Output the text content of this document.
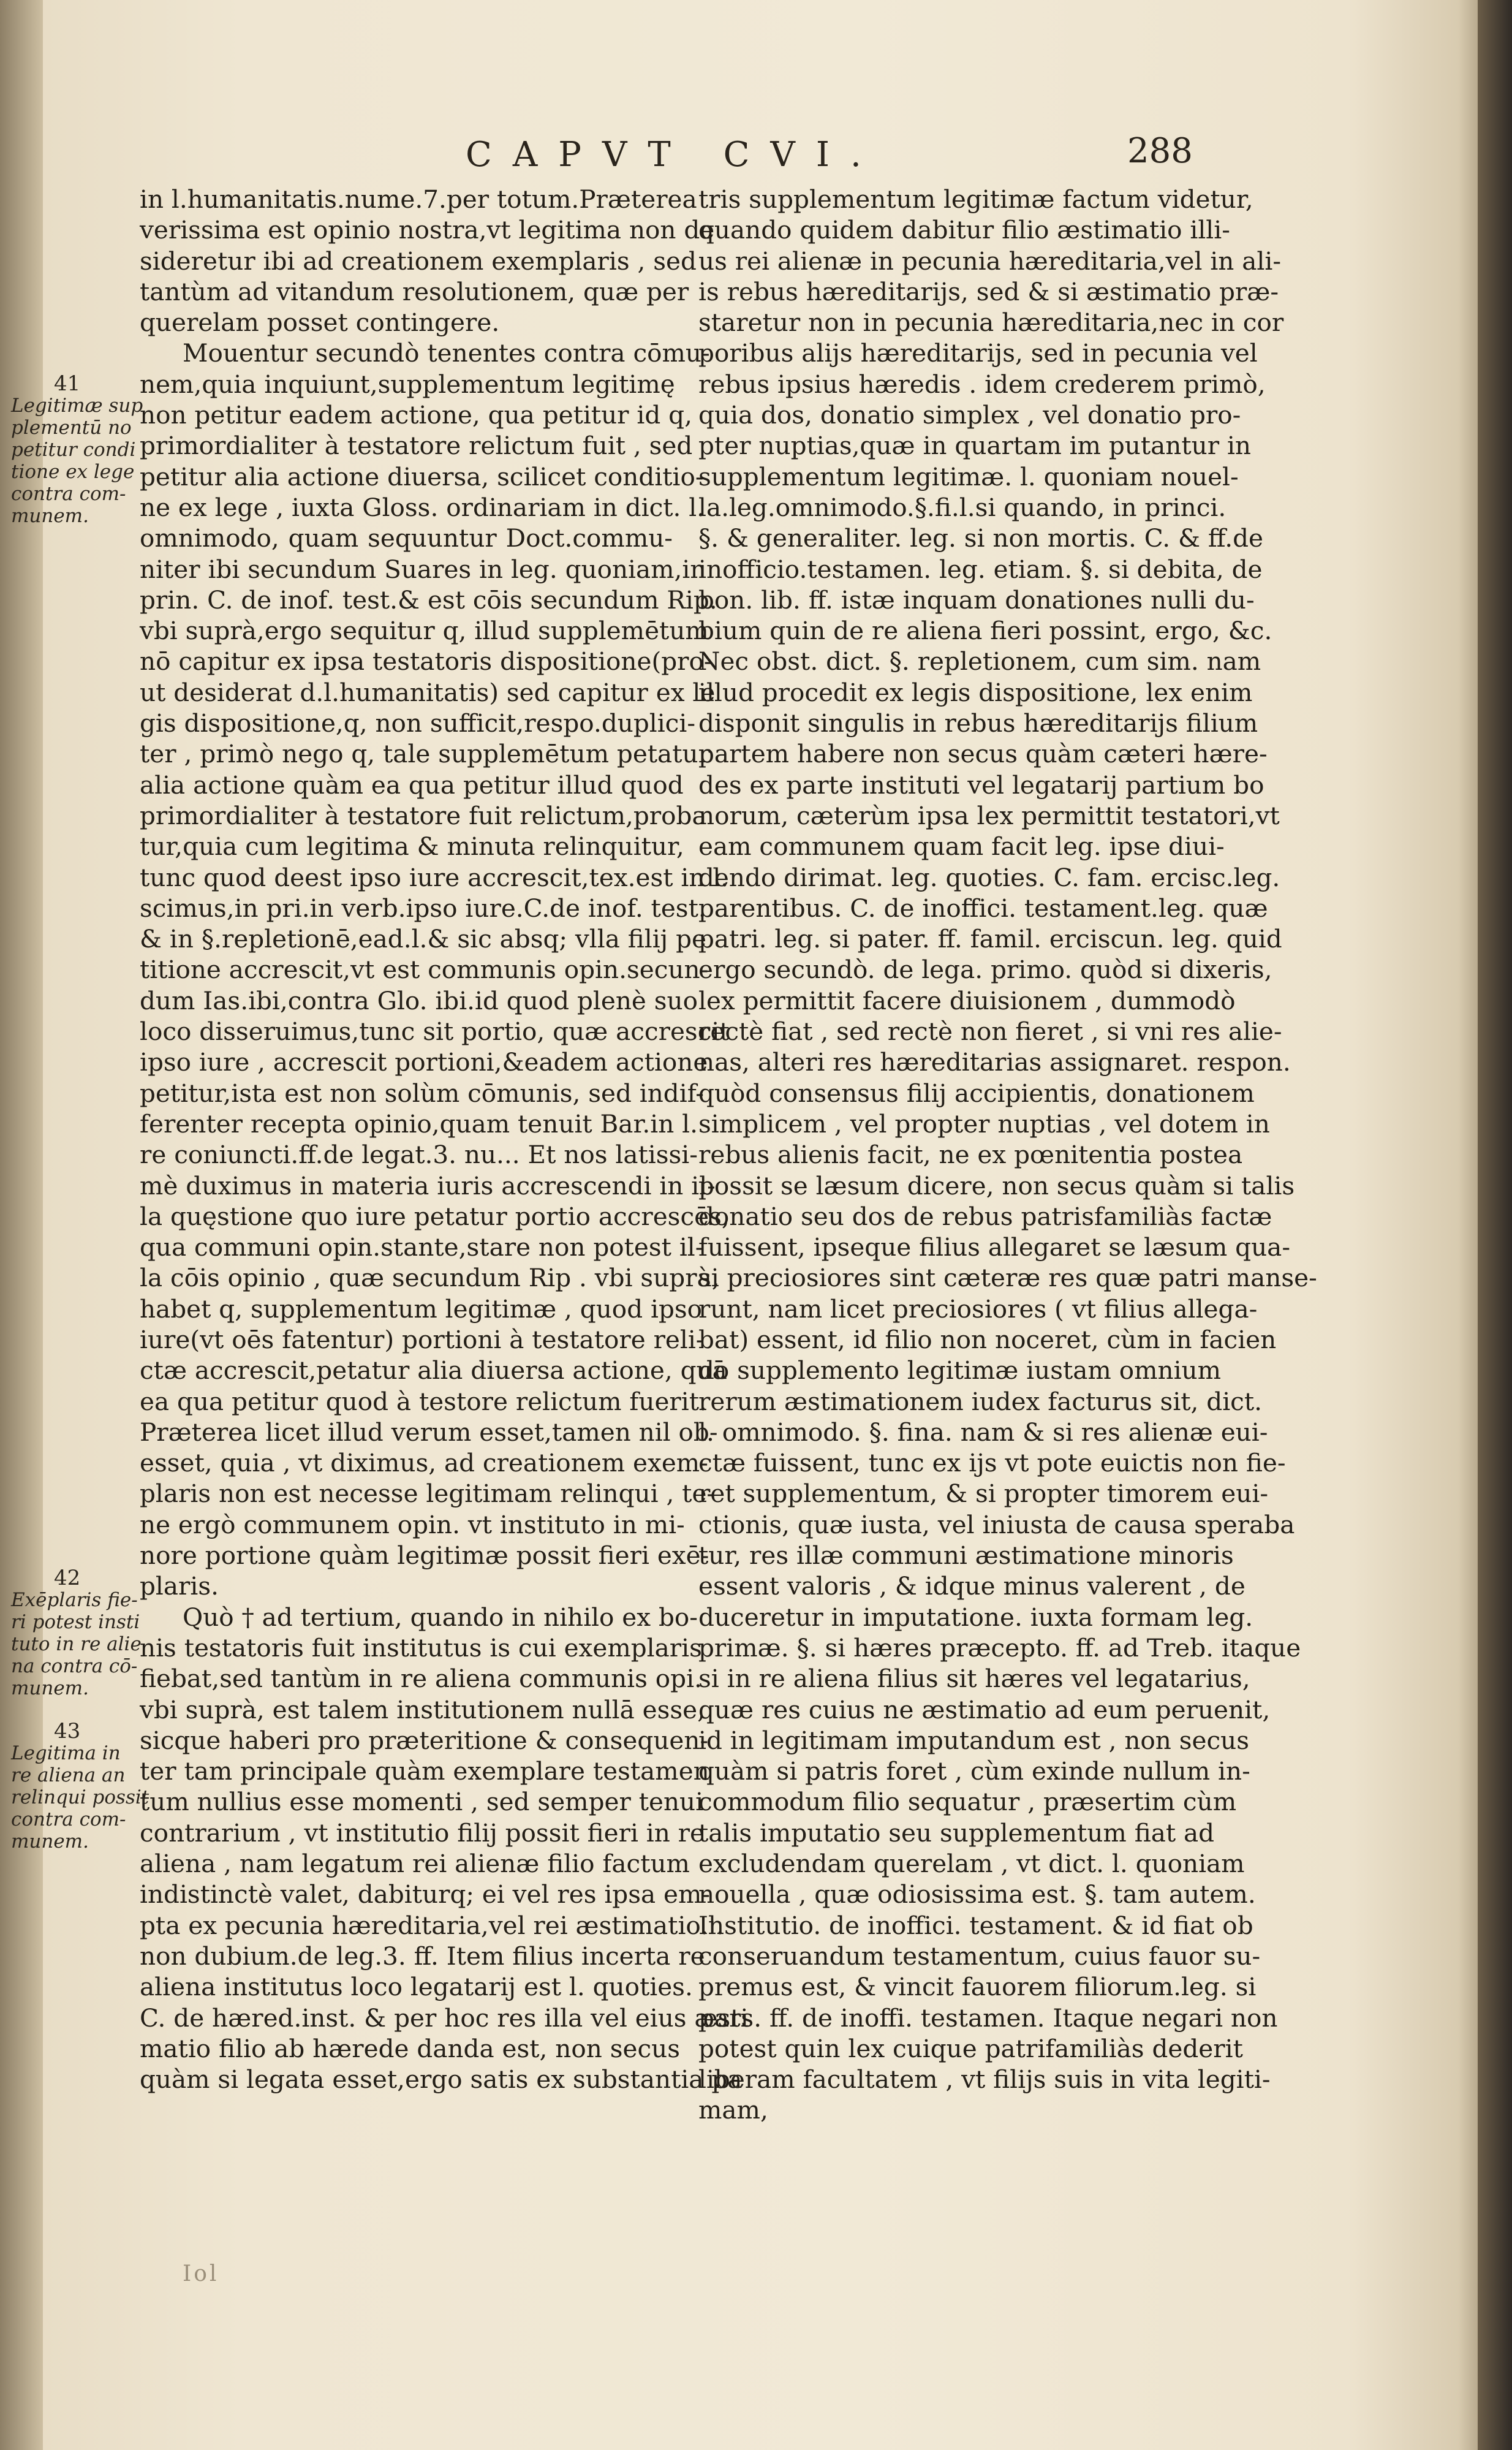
CAPVT CVI.	288
in l.humanitatis.nume.7.per totum.Præterea
verissima est opinio nostra,vt legitima non de
sideretur ibi ad creationem exemplaris , sed
tantùm ad vitandum resolutionem, quæ per
querelam posset contingere.
Mouentur secundò tenentes contra cōmu-
nem,quia inquiunt,supplementum legitimę
non petitur eadem actione, qua petitur id q,
primordialiter à testatore relictum fuit , sed
petitur alia actione diuersa, scilicet conditio-
ne ex lege , iuxta Gloss. ordinariam in dict. l.
omnimodo, quam sequuntur Doct.commu-
niter ibi secundum Suares in leg. quoniam,in
prin. C. de inof. test.& est cōis secundum Rip.
vbi suprà,ergo sequitur q, illud supplemētum
nō capitur ex ipsa testatoris dispositione(pro-
ut desiderat d.l.humanitatis) sed capitur ex le
gis dispositione,q, non sufficit,respo.duplici-
ter , primò nego q, tale supplemētum petatur
alia actione quàm ea qua petitur illud quod
primordialiter à testatore fuit relictum,proba
tur,quia cum legitima & minuta relinquitur,
tunc quod deest ipso iure accrescit,tex.est in l.
scimus,in pri.in verb.ipso iure.C.de inof. test.
& in §.repletionē,ead.l.& sic absq; vlla filij pe
titione accrescit,vt est communis opin.secun-
dum Ias.ibi,contra Glo. ibi.id quod plenè suo
loco disseruimus,tunc sit portio, quæ accrescit
ipso iure , accrescit portioni,&eadem actione
petitur,ista est non solùm cōmunis, sed indif-
ferenter recepta opinio,quam tenuit Bar.in l.
re coniuncti.ff.de legat.3. nu... Et nos latissi-
mè duximus in materia iuris accrescendi in il-
la quęstione quo iure petatur portio accrescēs,
qua communi opin.stante,stare non potest il-
la cōis opinio , quæ secundum Rip . vbi suprà,
habet q, supplementum legitimæ , quod ipso
iure(vt oēs fatentur) portioni à testatore reli-
ctæ accrescit,petatur alia diuersa actione, quā
ea qua petitur quod à testore relictum fuerit.
Præterea licet illud verum esset,tamen nil ob-
esset, quia , vt diximus, ad creationem exem-
plaris non est necesse legitimam relinqui , te-
ne ergò communem opin. vt instituto in mi-
nore portione quàm legitimæ possit fieri exē-
plaris.
Quò † ad tertium, quando in nihilo ex bo-
nis testatoris fuit institutus is cui exemplaris
fiebat,sed tantùm in re aliena communis opi.
vbi suprà, est talem institutionem nullā esse,
sicque haberi pro præteritione & consequen-
ter tam principale quàm exemplare testamen
tum nullius esse momenti , sed semper tenui
contrarium , vt institutio filij possit fieri in re
aliena , nam legatum rei alienæ filio factum
indistinctè valet, dabiturq; ei vel res ipsa em-
pta ex pecunia hæreditaria,vel rei æstimatio.l.
non dubium.de leg.3. ff. Item filius incerta re
aliena institutus loco legatarij est l. quoties.
C. de hæred.inst. & per hoc res illa vel eius æsti
matio filio ab hærede danda est, non secus
quàm si legata esset,ergo satis ex substantia pa
tris supplementum legitimæ factum videtur,
quando quidem dabitur filio æstimatio illi-
us rei alienæ in pecunia hæreditaria,vel in ali-
is rebus hæreditarijs, sed & si æstimatio præ-
staretur non in pecunia hæreditaria,nec in cor
poribus alijs hæreditarijs, sed in pecunia vel
rebus ipsius hæredis . idem crederem primò,
quia dos, donatio simplex , vel donatio pro-
pter nuptias,quæ in quartam im putantur in
supplementum legitimæ. l. quoniam nouel-
la.leg.omnimodo.§.fi.l.si quando, in princi.
§. & generaliter. leg. si non mortis. C. & ff.de
inofficio.testamen. leg. etiam. §. si debita, de
bon. lib. ff. istæ inquam donationes nulli du-
bium quin de re aliena fieri possint, ergo, &c.
Nec obst. dict. §. repletionem, cum sim. nam
illud procedit ex legis dispositione, lex enim
disponit singulis in rebus hæreditarijs filium
partem habere non secus quàm cæteri hære-
des ex parte instituti vel legatarij partium bo
norum, cæterùm ipsa lex permittit testatori,vt
eam communem quam facit leg. ipse diui-
dendo dirimat. leg. quoties. C. fam. ercisc.leg.
parentibus. C. de inoffici. testament.leg. quæ
patri. leg. si pater. ff. famil. erciscun. leg. quid
ergo secundò. de lega. primo. quòd si dixeris,
lex permittit facere diuisionem , dummodò
rectè fiat , sed rectè non fieret , si vni res alie-
nas, alteri res hæreditarias assignaret. respon.
quòd consensus filij accipientis, donationem
simplicem , vel propter nuptias , vel dotem in
rebus alienis facit, ne ex pœnitentia postea
possit se læsum dicere, non secus quàm si talis
donatio seu dos de rebus patrisfamiliàs factæ
fuissent, ipseque filius allegaret se læsum qua-
si preciosiores sint cæteræ res quæ patri manse-
runt, nam licet preciosiores ( vt filius allega-
bat) essent, id filio non noceret, cùm in facien
do supplemento legitimæ iustam omnium
rerum æstimationem iudex facturus sit, dict.
l. omnimodo. §. fina. nam & si res alienæ eui-
ctæ fuissent, tunc ex ijs vt pote euictis non fie-
ret supplementum, & si propter timorem eui-
ctionis, quæ iusta, vel iniusta de causa speraba
tur, res illæ communi æstimatione minoris
essent valoris , & idque minus valerent , de
duceretur in imputatione. iuxta formam leg.
primæ. §. si hæres præcepto. ff. ad Treb. itaque
si in re aliena filius sit hæres vel legatarius,
quæ res cuius ne æstimatio ad eum peruenit,
id in legitimam imputandum est , non secus
quàm si patris foret , cùm exinde nullum in-
commodum filio sequatur , præsertim cùm
talis imputatio seu supplementum fiat ad
excludendam querelam , vt dict. l. quoniam
nouella , quæ odiosissima est. §. tam autem.
Institutio. de inoffici. testament. & id fiat ob
conseruandum testamentum, cuius fauor su-
premus est, & vincit fauorem filiorum.leg. si
pars. ff. de inoffi. testamen. Itaque negari non
potest quin lex cuique patrifamiliàs dederit
liberam facultatem , vt filijs suis in vita legiti-
mam,
41
Legitimæ sup
plementū no
petitur condi
tione ex lege
contra com-
munem.
42
Exēplaris fie-
ri potest insti
tuto in re alie
na contra cō-
munem.
43
Legitima in
re aliena an
relinqui possit
contra com-
munem.
Iol
